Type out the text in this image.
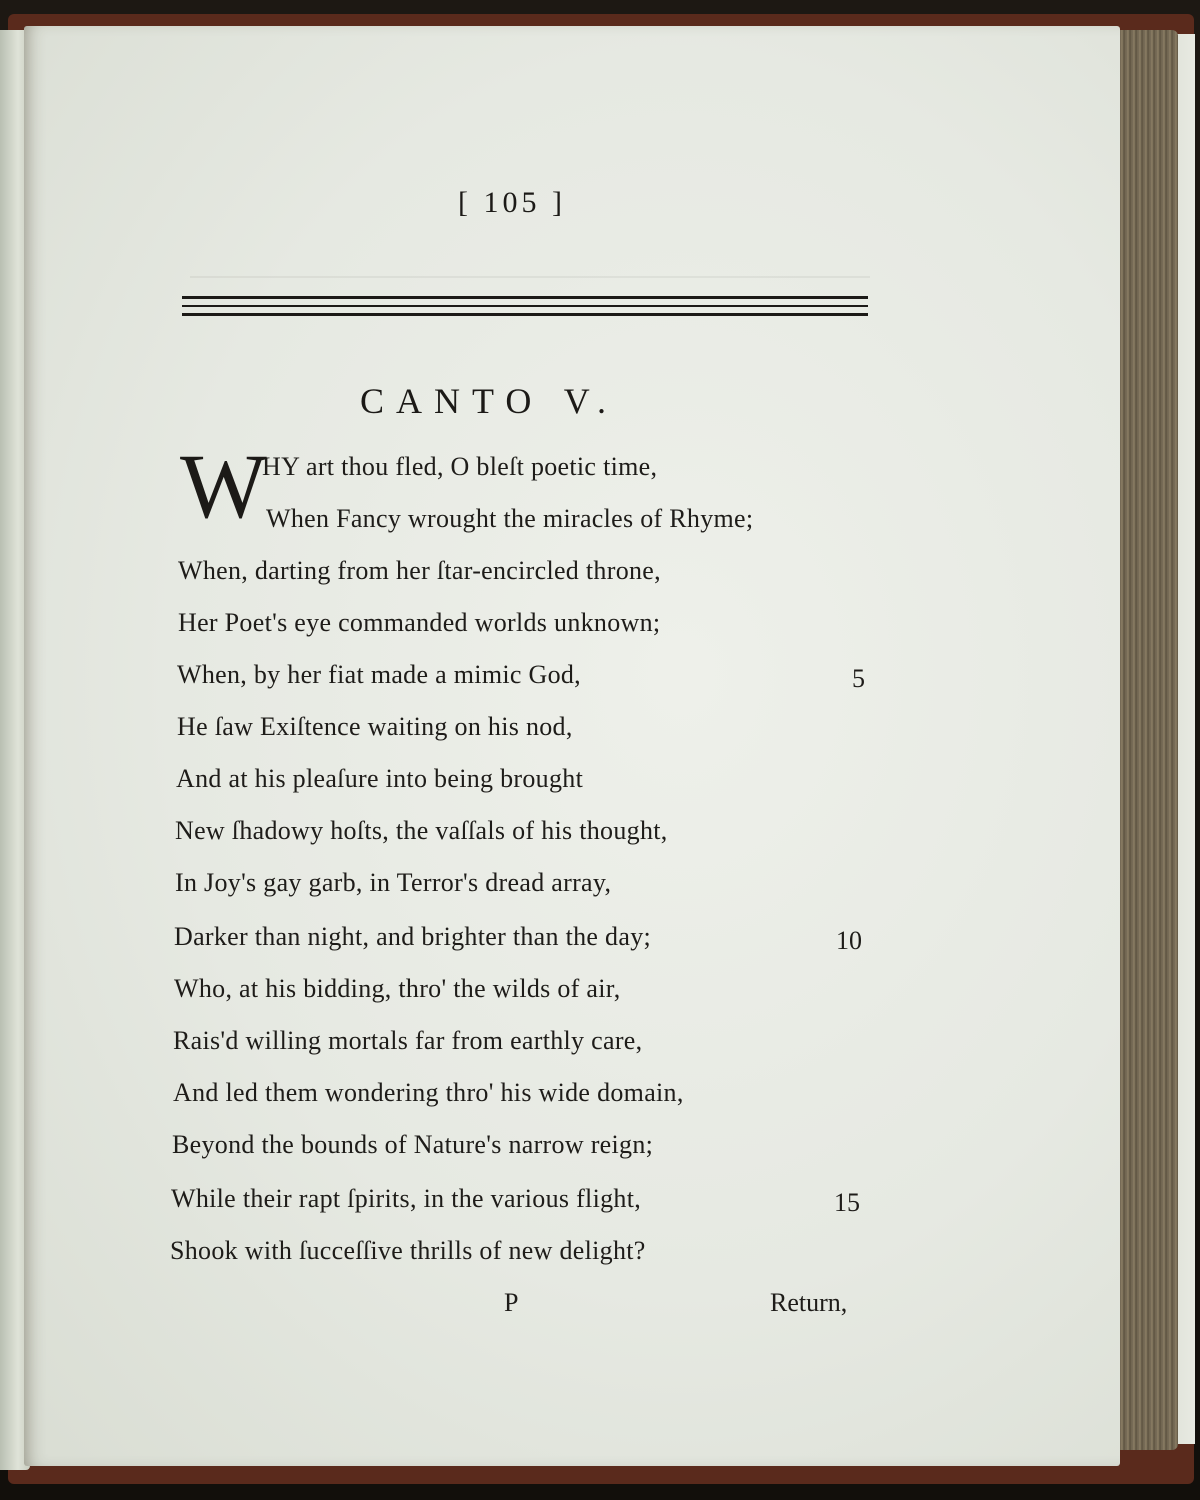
[ 105 ]
CANTO V.
W
HY art thou fled, O bleſt poetic time,
When Fancy wrought the miracles of Rhyme;
When, darting from her ſtar-encircled throne,
Her Poet's eye commanded worlds unknown;
When, by her fiat made a mimic God,	5
He ſaw Exiſtence waiting on his nod,
And at his pleaſure into being brought
New ſhadowy hoſts, the vaſſals of his thought,
In Joy's gay garb, in Terror's dread array,
Darker than night, and brighter than the day;	10
Who, at his bidding, thro' the wilds of air,
Rais'd willing mortals far from earthly care,
And led them wondering thro' his wide domain,
Beyond the bounds of Nature's narrow reign;
While their rapt ſpirits, in the various flight,	15
Shook with ſucceſſive thrills of new delight?
P	Return,
